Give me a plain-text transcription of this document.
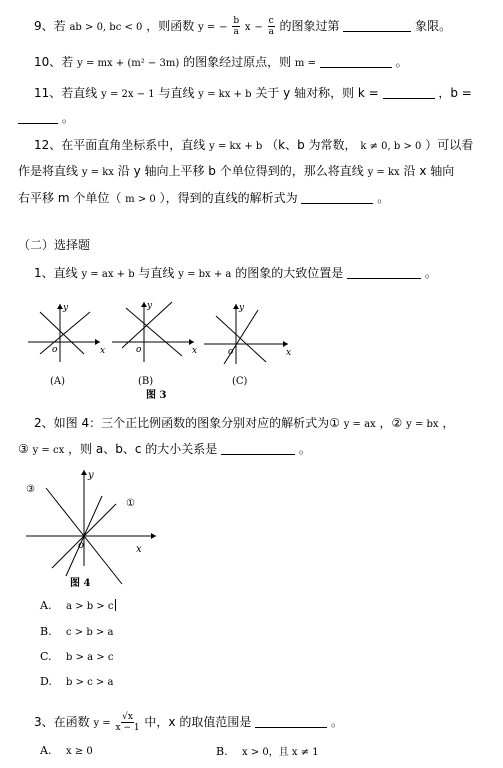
9、若 ab > 0, bc < 0 ，则函数 y = − $\frac{b}{a}$ $x - \frac{c}{a}$ 的图象过第	象限。
10、若 y = mx + (m² − 3m) 的图象经过原点，则 m =	。
11、若直线 y = 2x − 1 与直线 y = kx + b 关于 y 轴对称，则 k =	，b =
。
12、在平面直角坐标系中，直线 y = kx + b （k、b 为常数， k ≠ 0, b > 0 ）可以看
作是将直线 y = kx 沿 y 轴向上平移 b 个单位得到的，那么将直线 y = kx 沿 x 轴向
右平移 m 个单位（ m > 0 ），得到的直线的解析式为	。
（二）选择题
1、直线 y = ax + b 与直线 y = bx + a 的图象的大致位置是	。
y
x
o
y
x
o
y
x
o
(A)	(B)	(C)
图 3
2、如图 4：三个正比例函数的图象分别对应的解析式为① y = ax ，② y = bx ，
③ y = cx ，则 a、b、c 的大小关系是	。
y
x
o
③
①
图 4
A. a > b > c
B. c > b > a
C. b > a > c
D. b > c > a
3、在函数 $y = \frac{√x}{x - 1}$ 中，x 的取值范围是	。
A. x ≥ 0	B. x > 0，且 x ≠ 1
